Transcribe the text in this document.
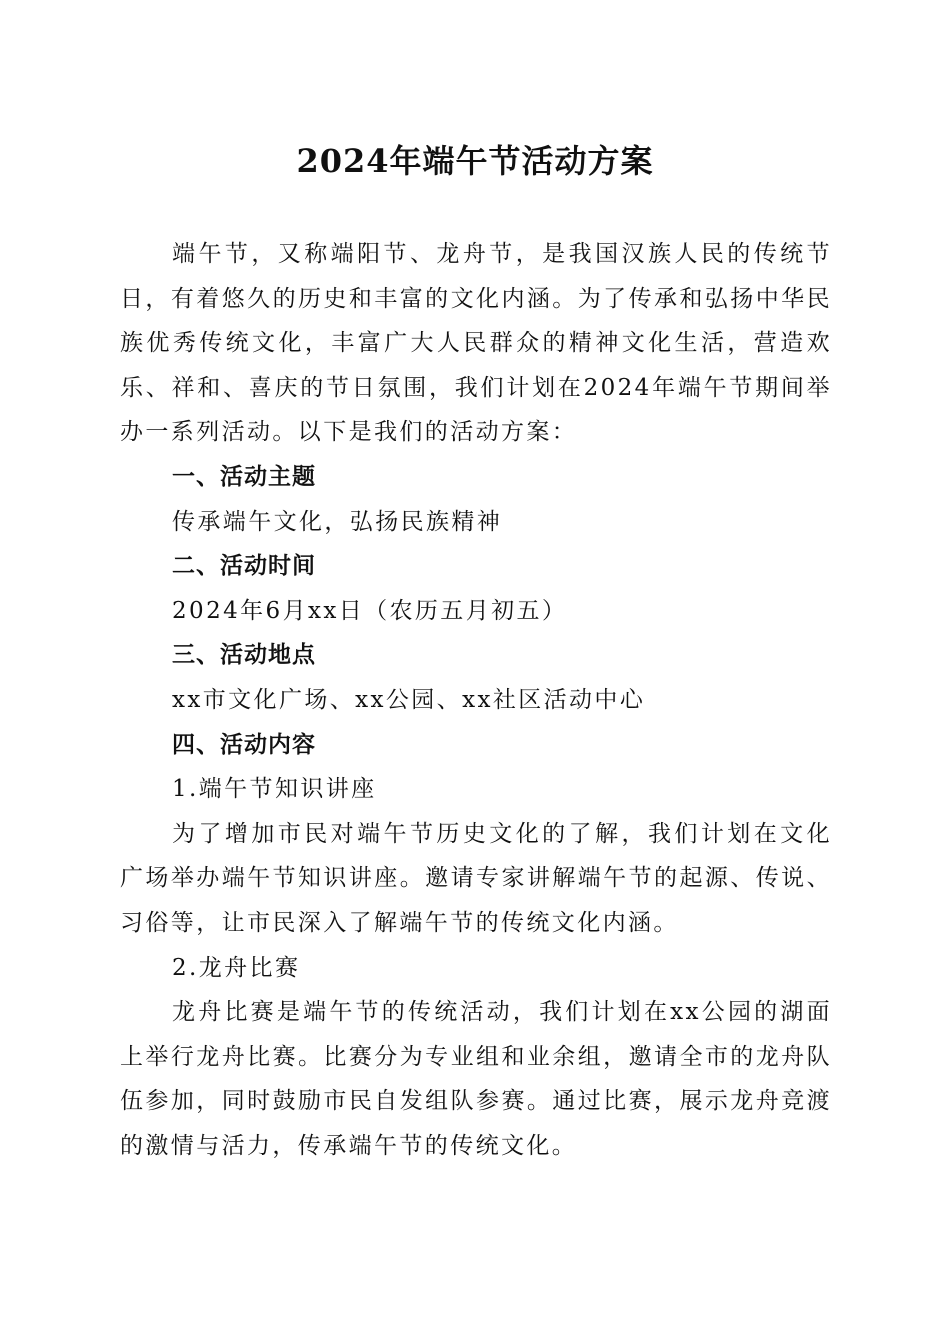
2024年端午节活动方案

端午节，又称端阳节、龙舟节，是我国汉族人民的传统节日，有着悠久的历史和丰富的文化内涵。为了传承和弘扬中华民族优秀传统文化，丰富广大人民群众的精神文化生活，营造欢乐、祥和、喜庆的节日氛围，我们计划在2024年端午节期间举办一系列活动。以下是我们的活动方案：

一、活动主题

传承端午文化，弘扬民族精神

二、活动时间

2024年6月xx日（农历五月初五）

三、活动地点

xx市文化广场、xx公园、xx社区活动中心

四、活动内容

1.端午节知识讲座

为了增加市民对端午节历史文化的了解，我们计划在文化广场举办端午节知识讲座。邀请专家讲解端午节的起源、传说、习俗等，让市民深入了解端午节的传统文化内涵。

2.龙舟比赛

龙舟比赛是端午节的传统活动，我们计划在xx公园的湖面上举行龙舟比赛。比赛分为专业组和业余组，邀请全市的龙舟队伍参加，同时鼓励市民自发组队参赛。通过比赛，展示龙舟竞渡的激情与活力，传承端午节的传统文化。
